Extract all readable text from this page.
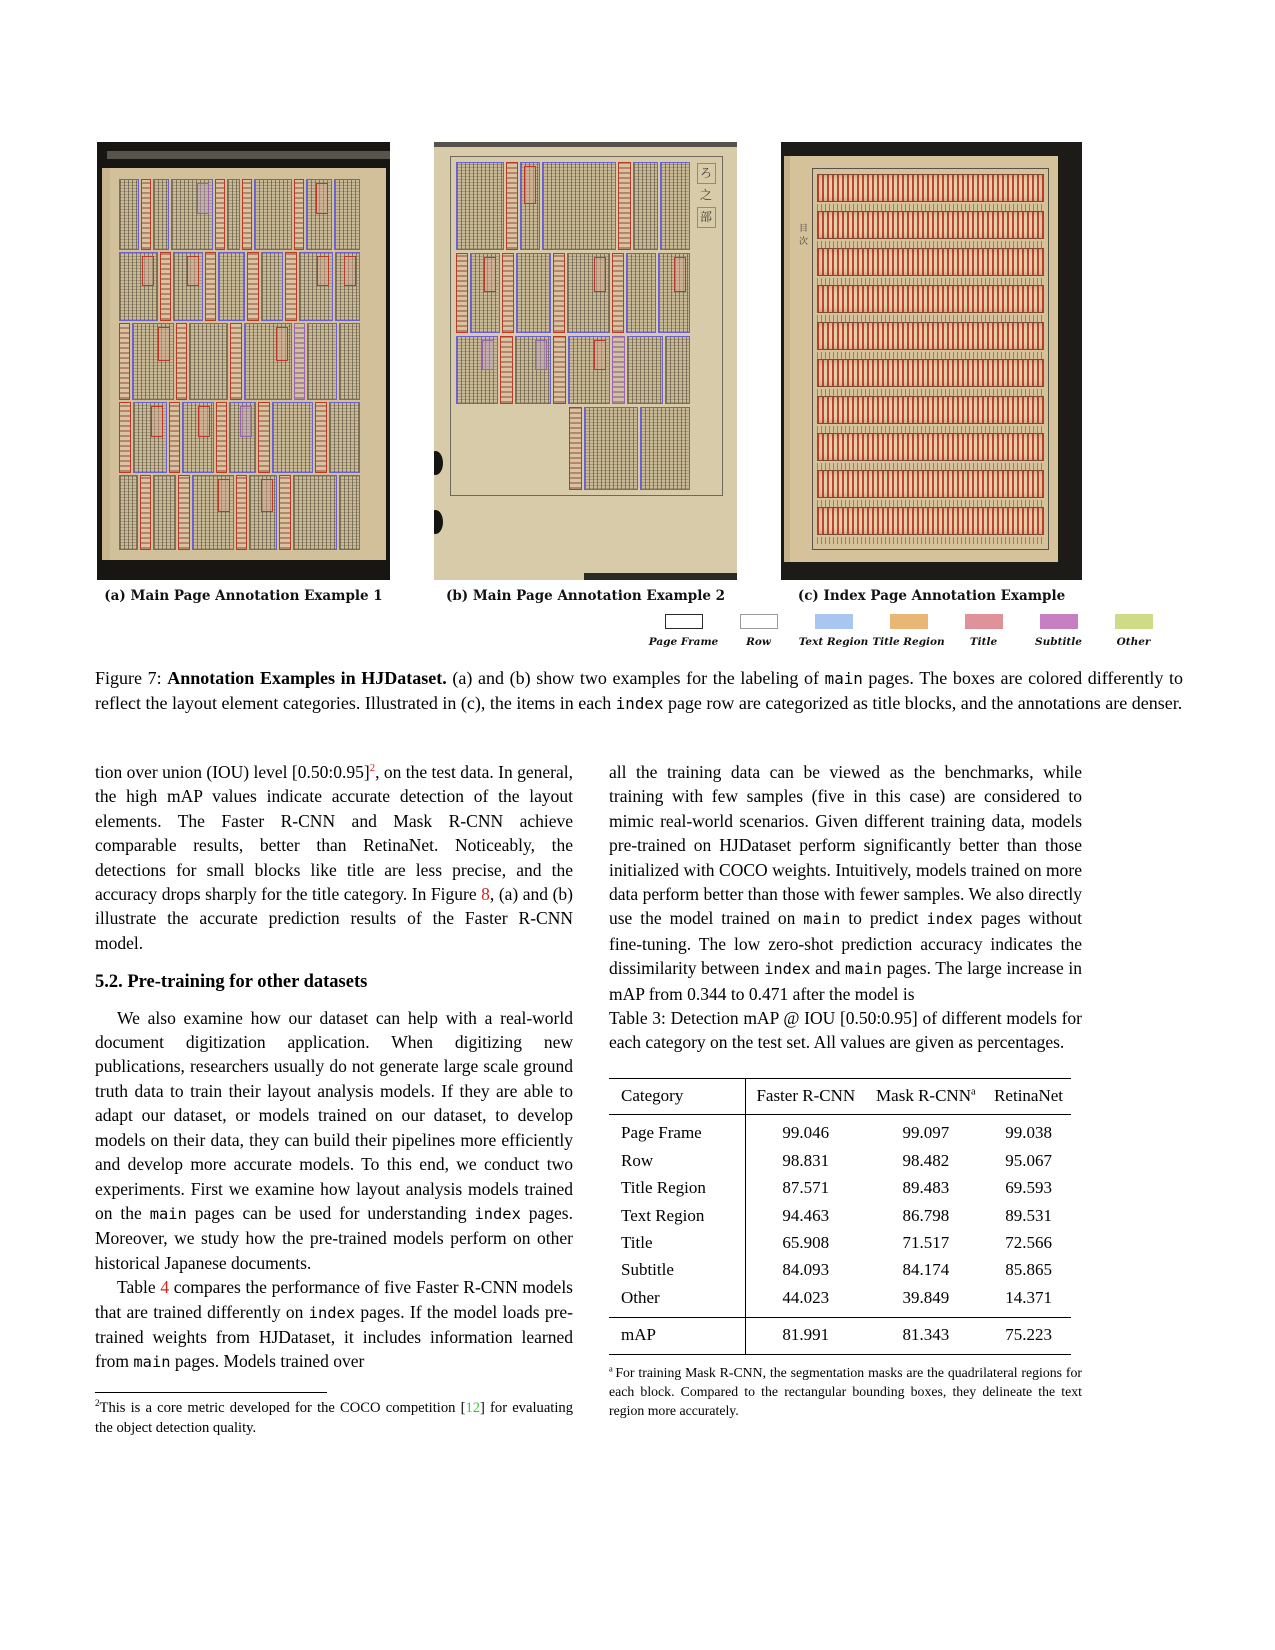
ろ
之
部
目次
(a) Main Page Annotation Example 1	(b) Main Page Annotation Example 2	(c) Index Page Annotation Example
Page Frame	Row	Text Region Title Region	Title	Subtitle	Other
Figure 7: Annotation Examples in HJDataset. (a) and (b) show two examples for the labeling of main pages. The boxes are colored differently to reflect the layout element categories. Illustrated in (c), the items in each index page row are categorized as title blocks, and the annotations are denser.

tion over union (IOU) level [0.50:0.95]$^2$, on the test data. In general, the high mAP values indicate accurate detection of the layout elements. The Faster R-CNN and Mask R-CNN achieve comparable results, better than RetinaNet. Noticeably, the detections for small blocks like title are less precise, and the accuracy drops sharply for the title category. In Figure 8, (a) and (b) illustrate the accurate prediction results of the Faster R-CNN model.

5.2. Pre-training for other datasets

We also examine how our dataset can help with a real-world document digitization application. When digitizing new publications, researchers usually do not generate large scale ground truth data to train their layout analysis models. If they are able to adapt our dataset, or models trained on our dataset, to develop models on their data, they can build their pipelines more efficiently and develop more accurate models. To this end, we conduct two experiments. First we examine how layout analysis models trained on the main pages can be used for understanding index pages. Moreover, we study how the pre-trained models perform on other historical Japanese documents.

Table 4 compares the performance of five Faster R-CNN models that are trained differently on index pages. If the model loads pre-trained weights from HJDataset, it includes information learned from main pages. Models trained over

$^2$This is a core metric developed for the COCO competition [12] for evaluating the object detection quality.

all the training data can be viewed as the benchmarks, while training with few samples (five in this case) are considered to mimic real-world scenarios. Given different training data, models pre-trained on HJDataset perform significantly better than those initialized with COCO weights. Intuitively, models trained on more data perform better than those with fewer samples. We also directly use the model trained on main to predict index pages without fine-tuning. The low zero-shot prediction accuracy indicates the dissimilarity between index and main pages. The large increase in mAP from 0.344 to 0.471 after the model is

Table 3: Detection mAP @ IOU [0.50:0.95] of different models for each category on the test set. All values are given as percentages.

Category	Faster R-CNN	Mask R-CNN$^a$	RetinaNet
Page Frame	99.046	99.097	99.038
Row	98.831	98.482	95.067
Title Region	87.571	89.483	69.593
Text Region	94.463	86.798	89.531
Title	65.908	71.517	72.566
Subtitle	84.093	84.174	85.865
Other	44.023	39.849	14.371
mAP	81.991	81.343	75.223
$^a$ For training Mask R-CNN, the segmentation masks are the quadrilateral regions for each block. Compared to the rectangular bounding boxes, they delineate the text region more accurately.
